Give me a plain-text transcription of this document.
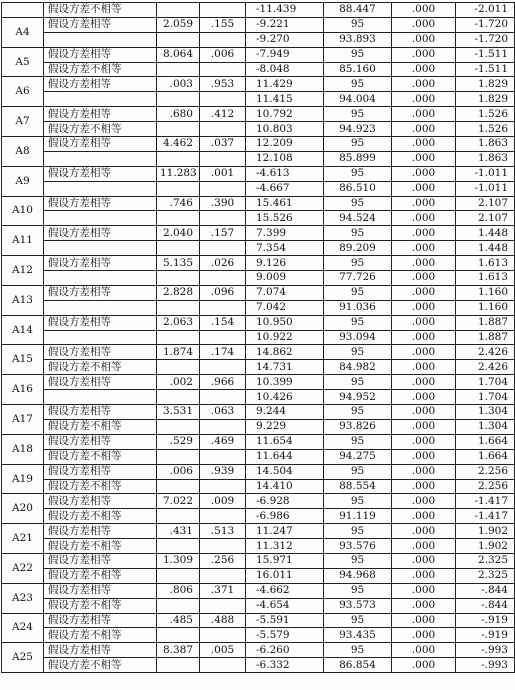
	假设方差不相等			-11.439	88.447	.000	-2.011
A4	假设方差相等	2.059	.155	-9.221	95	.000	-1.720
				-9.270	93.893	.000	-1.720
A5	假设方差相等	8.064	.006	-7.949	95	.000	-1.511
	假设方差不相等			-8.048	85.160	.000	-1.511
A6	假设方差相等	.003	.953	11.429	95	.000	1.829
				11.415	94.004	.000	1.829
A7	假设方差相等	.680	.412	10.792	95	.000	1.526
	假设方差不相等			10.803	94.923	.000	1.526
A8	假设方差相等	4.462	.037	12.209	95	.000	1.863
				12.108	85.899	.000	1.863
A9	假设方差相等	11.283	.001	-4.613	95	.000	-1.011
				-4.667	86.510	.000	-1.011
A10	假设方差相等	.746	.390	15.461	95	.000	2.107
				15.526	94.524	.000	2.107
A11	假设方差相等	2.040	.157	7.399	95	.000	1.448
				7.354	89.209	.000	1.448
A12	假设方差相等	5.135	.026	9.126	95	.000	1.613
				9.009	77.726	.000	1.613
A13	假设方差相等	2.828	.096	7.074	95	.000	1.160
				7.042	91.036	.000	1.160
A14	假设方差相等	2.063	.154	10.950	95	.000	1.887
				10.922	93.094	.000	1.887
A15	假设方差相等	1.874	.174	14.862	95	.000	2.426
	假设方差不相等			14.731	84.982	.000	2.426
A16	假设方差相等	.002	.966	10.399	95	.000	1.704
				10.426	94.952	.000	1.704
A17	假设方差相等	3.531	.063	9.244	95	.000	1.304
	假设方差不相等			9.229	93.826	.000	1.304
A18	假设方差相等	.529	.469	11.654	95	.000	1.664
	假设方差不相等			11.644	94.275	.000	1.664
A19	假设方差相等	.006	.939	14.504	95	.000	2.256
	假设方差不相等			14.410	88.554	.000	2.256
A20	假设方差相等	7.022	.009	-6.928	95	.000	-1.417
	假设方差不相等			-6.986	91.119	.000	-1.417
A21	假设方差相等	.431	.513	11.247	95	.000	1.902
	假设方差不相等			11.312	93.576	.000	1.902
A22	假设方差相等	1.309	.256	15.971	95	.000	2.325
	假设方差不相等			16.011	94.968	.000	2.325
A23	假设方差相等	.806	.371	-4.662	95	.000	-.844
	假设方差不相等			-4.654	93.573	.000	-.844
A24	假设方差相等	.485	.488	-5.591	95	.000	-.919
	假设方差不相等			-5.579	93.435	.000	-.919
A25	假设方差相等	8.387	.005	-6.260	95	.000	-.993
	假设方差不相等			-6.332	86.854	.000	-.993
